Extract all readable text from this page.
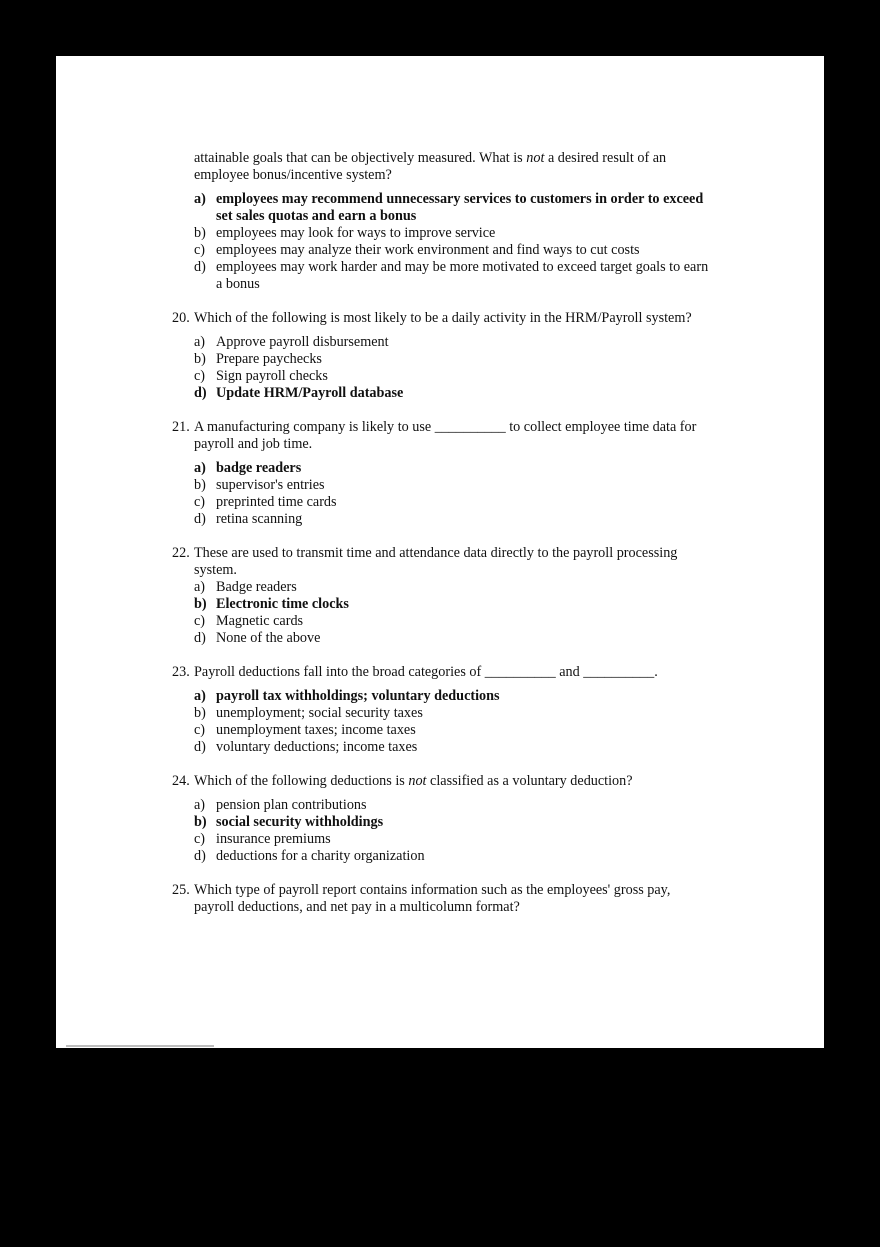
attainable goals that can be objectively measured. What is not a desired result of an employee bonus/incentive system?

a) employees may recommend unnecessary services to customers in order to exceed set sales quotas and earn a bonus
b) employees may look for ways to improve service
c) employees may analyze their work environment and find ways to cut costs
d) employees may work harder and may be more motivated to exceed target goals to earn a bonus
20. Which of the following is most likely to be a daily activity in the HRM/Payroll system?
a) Approve payroll disbursement
b) Prepare paychecks
c) Sign payroll checks
d) Update HRM/Payroll database
21. A manufacturing company is likely to use __________ to collect employee time data for payroll and job time.
a) badge readers
b) supervisor's entries
c) preprinted time cards
d) retina scanning
22. These are used to transmit time and attendance data directly to the payroll processing system.
a) Badge readers
b) Electronic time clocks
c) Magnetic cards
d) None of the above
23. Payroll deductions fall into the broad categories of __________ and __________.
a) payroll tax withholdings; voluntary deductions
b) unemployment; social security taxes
c) unemployment taxes; income taxes
d) voluntary deductions; income taxes
24. Which of the following deductions is not classified as a voluntary deduction?
a) pension plan contributions
b) social security withholdings
c) insurance premiums
d) deductions for a charity organization
25. Which type of payroll report contains information such as the employees' gross pay, payroll deductions, and net pay in a multicolumn format?
